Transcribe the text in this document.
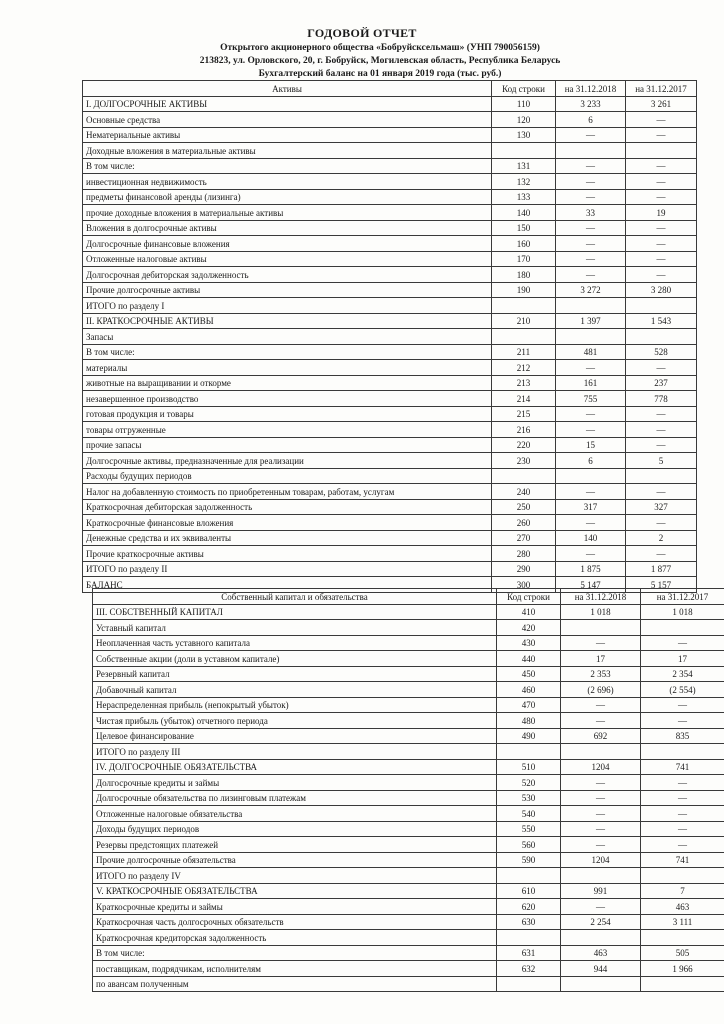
ГОДОВОЙ ОТЧЕТ
Открытого акционерного общества «Бобруйсксельмаш» (УНП 790056159)
213823, ул. Орловского, 20, г. Бобруйск, Могилевская область, Республика Беларусь
Бухгалтерский баланс на 01 января 2019 года (тыс. руб.)
Активы	Код строки	на 31.12.2018	на 31.12.2017
I. ДОЛГОСРОЧНЫЕ АКТИВЫ	110	3 233	3 261
Основные средства	120	6	—
Нематериальные активы	130	—	—
Доходные вложения в материальные активы			
В том числе:	131	—	—
инвестиционная недвижимость	132	—	—
предметы финансовой аренды (лизинга)	133	—	—
прочие доходные вложения в материальные активы	140	33	19
Вложения в долгосрочные активы	150	—	—
Долгосрочные финансовые вложения	160	—	—
Отложенные налоговые активы	170	—	—
Долгосрочная дебиторская задолженность	180	—	—
Прочие долгосрочные активы	190	3 272	3 280
ИТОГО по разделу I			
II. КРАТКОСРОЧНЫЕ АКТИВЫ	210	1 397	1 543
Запасы			
В том числе:	211	481	528
материалы	212	—	—
животные на выращивании и откорме	213	161	237
незавершенное производство	214	755	778
готовая продукция и товары	215	—	—
товары отгруженные	216	—	—
прочие запасы	220	15	—
Долгосрочные активы, предназначенные для реализации	230	6	5
Расходы будущих периодов			
Налог на добавленную стоимость по приобретенным товарам, работам, услугам	240	—	—
Краткосрочная дебиторская задолженность	250	317	327
Краткосрочные финансовые вложения	260	—	—
Денежные средства и их эквиваленты	270	140	2
Прочие краткосрочные активы	280	—	—
ИТОГО по разделу II	290	1 875	1 877
БАЛАНС	300	5 147	5 157
Собственный капитал и обязательства	Код строки	на 31.12.2018	на 31.12.2017
III. СОБСТВЕННЫЙ КАПИТАЛ	410	1 018	1 018
Уставный капитал	420		
Неоплаченная часть уставного капитала	430	—	—
Собственные акции (доли в уставном капитале)	440	17	17
Резервный капитал	450	2 353	2 354
Добавочный капитал	460	(2 696)	(2 554)
Нераспределенная прибыль (непокрытый убыток)	470	—	—
Чистая прибыль (убыток) отчетного периода	480	—	—
Целевое финансирование	490	692	835
ИТОГО по разделу III			
IV. ДОЛГОСРОЧНЫЕ ОБЯЗАТЕЛЬСТВА	510	1204	741
Долгосрочные кредиты и займы	520	—	—
Долгосрочные обязательства по лизинговым платежам	530	—	—
Отложенные налоговые обязательства	540	—	—
Доходы будущих периодов	550	—	—
Резервы предстоящих платежей	560	—	—
Прочие долгосрочные обязательства	590	1204	741
ИТОГО по разделу IV			
V. КРАТКОСРОЧНЫЕ ОБЯЗАТЕЛЬСТВА	610	991	7
Краткосрочные кредиты и займы	620	—	463
Краткосрочная часть долгосрочных обязательств	630	2 254	3 111
Краткосрочная кредиторская задолженность			
В том числе:	631	463	505
поставщикам, подрядчикам, исполнителям	632	944	1 966
по авансам полученным			
